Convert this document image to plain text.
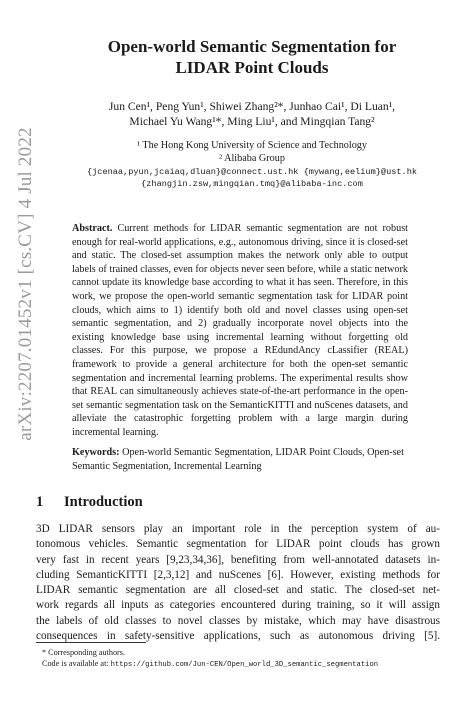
arXiv:2207.01452v1 [cs.CV] 4 Jul 2022
Open-world Semantic Segmentation for
LIDAR Point Clouds
Jun Cen¹, Peng Yun¹, Shiwei Zhang²*, Junhao Cai¹, Di Luan¹,
Michael Yu Wang¹*, Ming Liu¹, and Mingqian Tang²
¹ The Hong Kong University of Science and Technology
² Alibaba Group
{jcenaa,pyun,jcaiaq,dluan}@connect.ust.hk {mywang,eelium}@ust.hk
{zhangjin.zsw,mingqian.tmq}@alibaba-inc.com
Abstract. Current methods for LIDAR semantic segmentation are not robust enough for real-world applications, e.g., autonomous driving, since it is closed-set and static. The closed-set assumption makes the network only able to output labels of trained classes, even for objects never seen before, while a static network cannot update its knowledge base according to what it has seen. Therefore, in this work, we propose the open-world semantic segmentation task for LIDAR point clouds, which aims to 1) identify both old and novel classes using open-set semantic segmentation, and 2) gradually incorporate novel objects into the existing knowledge base using incremental learning without forgetting old classes. For this purpose, we propose a REdundAncy cLassifier (REAL) framework to provide a general architecture for both the open-set semantic segmentation and incremental learning problems. The experimental results show that REAL can simultaneously achieves state-of-the-art performance in the open-set semantic segmentation task on the SemanticKITTI and nuScenes datasets, and alleviate the catastrophic forgetting problem with a large margin during incremental learning.
Keywords: Open-world Semantic Segmentation, LIDAR Point Clouds, Open-set Semantic Segmentation, Incremental Learning
1 Introduction
3D LIDAR sensors play an important role in the perception system of au-
tonomous vehicles. Semantic segmentation for LIDAR point clouds has grown
very fast in recent years [9,23,34,36], benefiting from well-annotated datasets in-
cluding SemanticKITTI [2,3,12] and nuScenes [6]. However, existing methods for
LIDAR semantic segmentation are all closed-set and static. The closed-set net-
work regards all inputs as categories encountered during training, so it will assign
the labels of old classes to novel classes by mistake, which may have disastrous
consequences in safety-sensitive applications, such as autonomous driving [5].
* Corresponding authors.
Code is available at: https://github.com/Jun-CEN/Open_world_3D_semantic_segmentation
